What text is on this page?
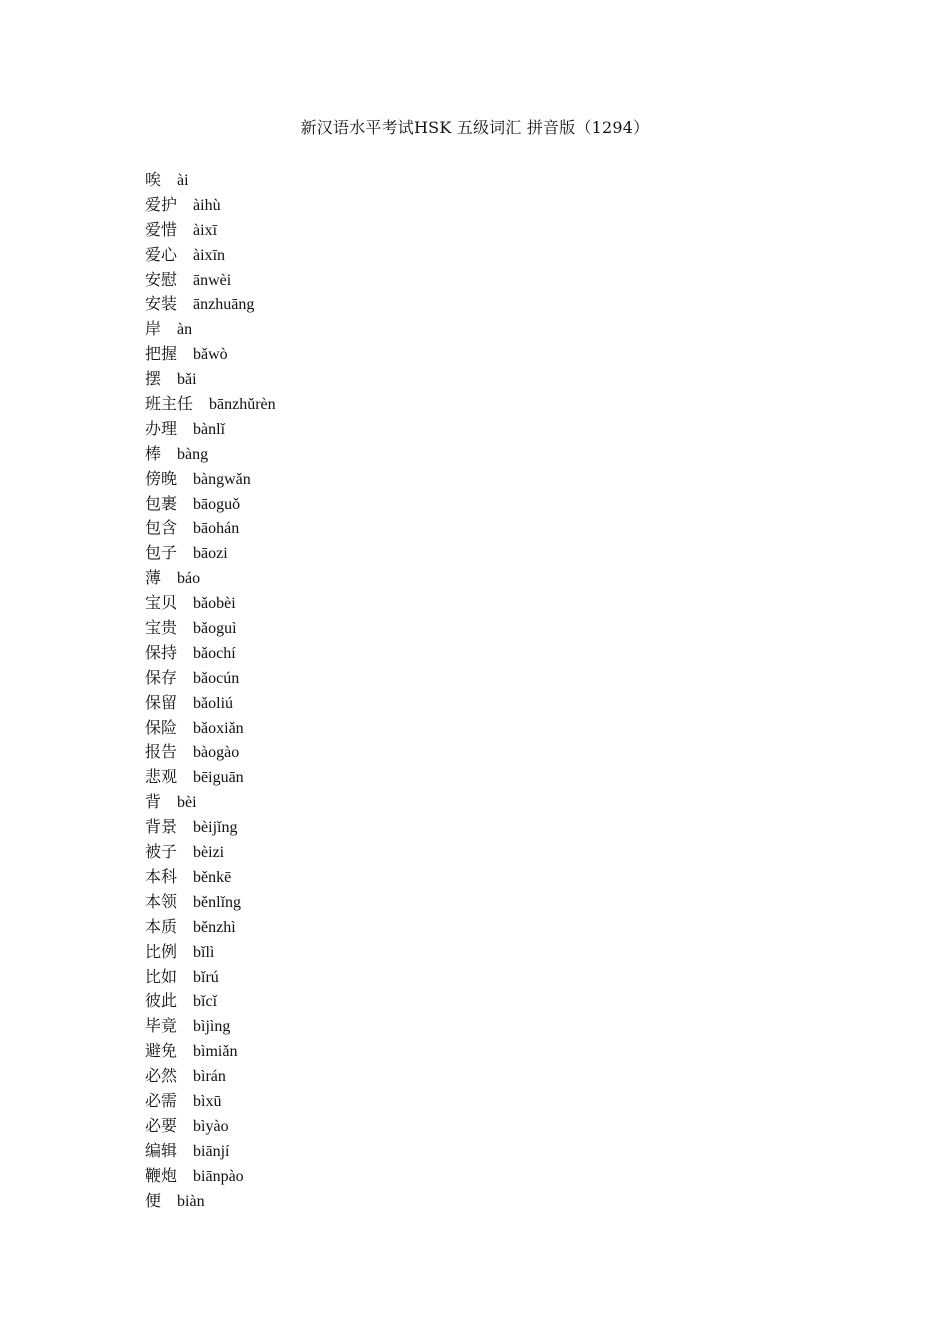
新汉语水平考试HSK 五级词汇 拼音版（1294）
唉 ài
爱护 àihù
爱惜 àixī
爱心 àixīn
安慰 ānwèi
安装 ānzhuāng
岸 àn
把握 bǎwò
摆 bǎi
班主任 bānzhǔrèn
办理 bànlǐ
棒 bàng
傍晚 bàngwǎn
包裹 bāoguǒ
包含 bāohán
包子 bāozi
薄 báo
宝贝 bǎobèi
宝贵 bǎoguì
保持 bǎochí
保存 bǎocún
保留 bǎoliú
保险 bǎoxiǎn
报告 bàogào
悲观 bēiguān
背 bèi
背景 bèijǐng
被子 bèizi
本科 běnkē
本领 běnlǐng
本质 běnzhì
比例 bǐlì
比如 bǐrú
彼此 bǐcǐ
毕竟 bìjìng
避免 bìmiǎn
必然 bìrán
必需 bìxū
必要 bìyào
编辑 biānjí
鞭炮 biānpào
便 biàn
